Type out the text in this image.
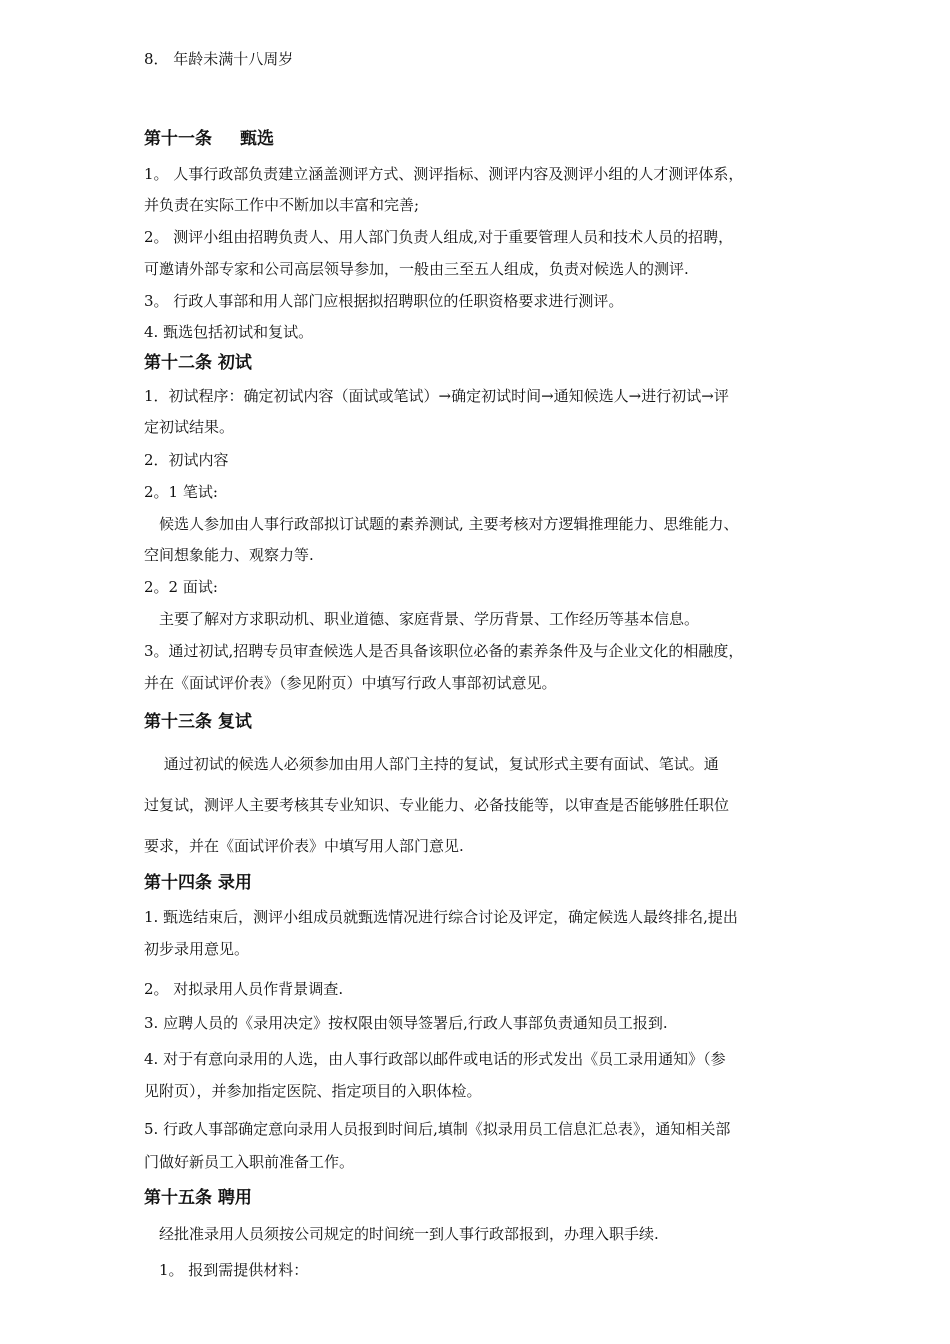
8． 年龄未满十八周岁
第十一条 甄选
1。 人事行政部负责建立涵盖测评方式、测评指标、测评内容及测评小组的人才测评体系，
并负责在实际工作中不断加以丰富和完善;
2。 测评小组由招聘负责人、用人部门负责人组成,对于重要管理人员和技术人员的招聘，
可邀请外部专家和公司高层领导参加，一般由三至五人组成，负责对候选人的测评.
3。 行政人事部和用人部门应根据拟招聘职位的任职资格要求进行测评。
4. 甄选包括初试和复试。
第十二条 初试
1．初试程序：确定初试内容（面试或笔试）→确定初试时间→通知候选人→进行初试→评
定初试结果。
2．初试内容
2。1 笔试:
　候选人参加由人事行政部拟订试题的素养测试, 主要考核对方逻辑推理能力、思维能力、
空间想象能力、观察力等.
2。2 面试:
　主要了解对方求职动机、职业道德、家庭背景、学历背景、工作经历等基本信息。
3。通过初试,招聘专员审查候选人是否具备该职位必备的素养条件及与企业文化的相融度，
并在《面试评价表》（参见附页）中填写行政人事部初试意见。
第十三条 复试
　 通过初试的候选人必须参加由用人部门主持的复试，复试形式主要有面试、笔试。通
过复试，测评人主要考核其专业知识、专业能力、必备技能等，以审查是否能够胜任职位
要求，并在《面试评价表》中填写用人部门意见.
第十四条 录用
1. 甄选结束后，测评小组成员就甄选情况进行综合讨论及评定，确定候选人最终排名,提出
初步录用意见。
2。 对拟录用人员作背景调查.
3. 应聘人员的《录用决定》按权限由领导签署后,行政人事部负责通知员工报到.
4. 对于有意向录用的人选，由人事行政部以邮件或电话的形式发出《员工录用通知》（参
见附页），并参加指定医院、指定项目的入职体检。
5. 行政人事部确定意向录用人员报到时间后,填制《拟录用员工信息汇总表》，通知相关部
门做好新员工入职前准备工作。
第十五条 聘用
　经批准录用人员须按公司规定的时间统一到人事行政部报到，办理入职手续.
　1。 报到需提供材料：
